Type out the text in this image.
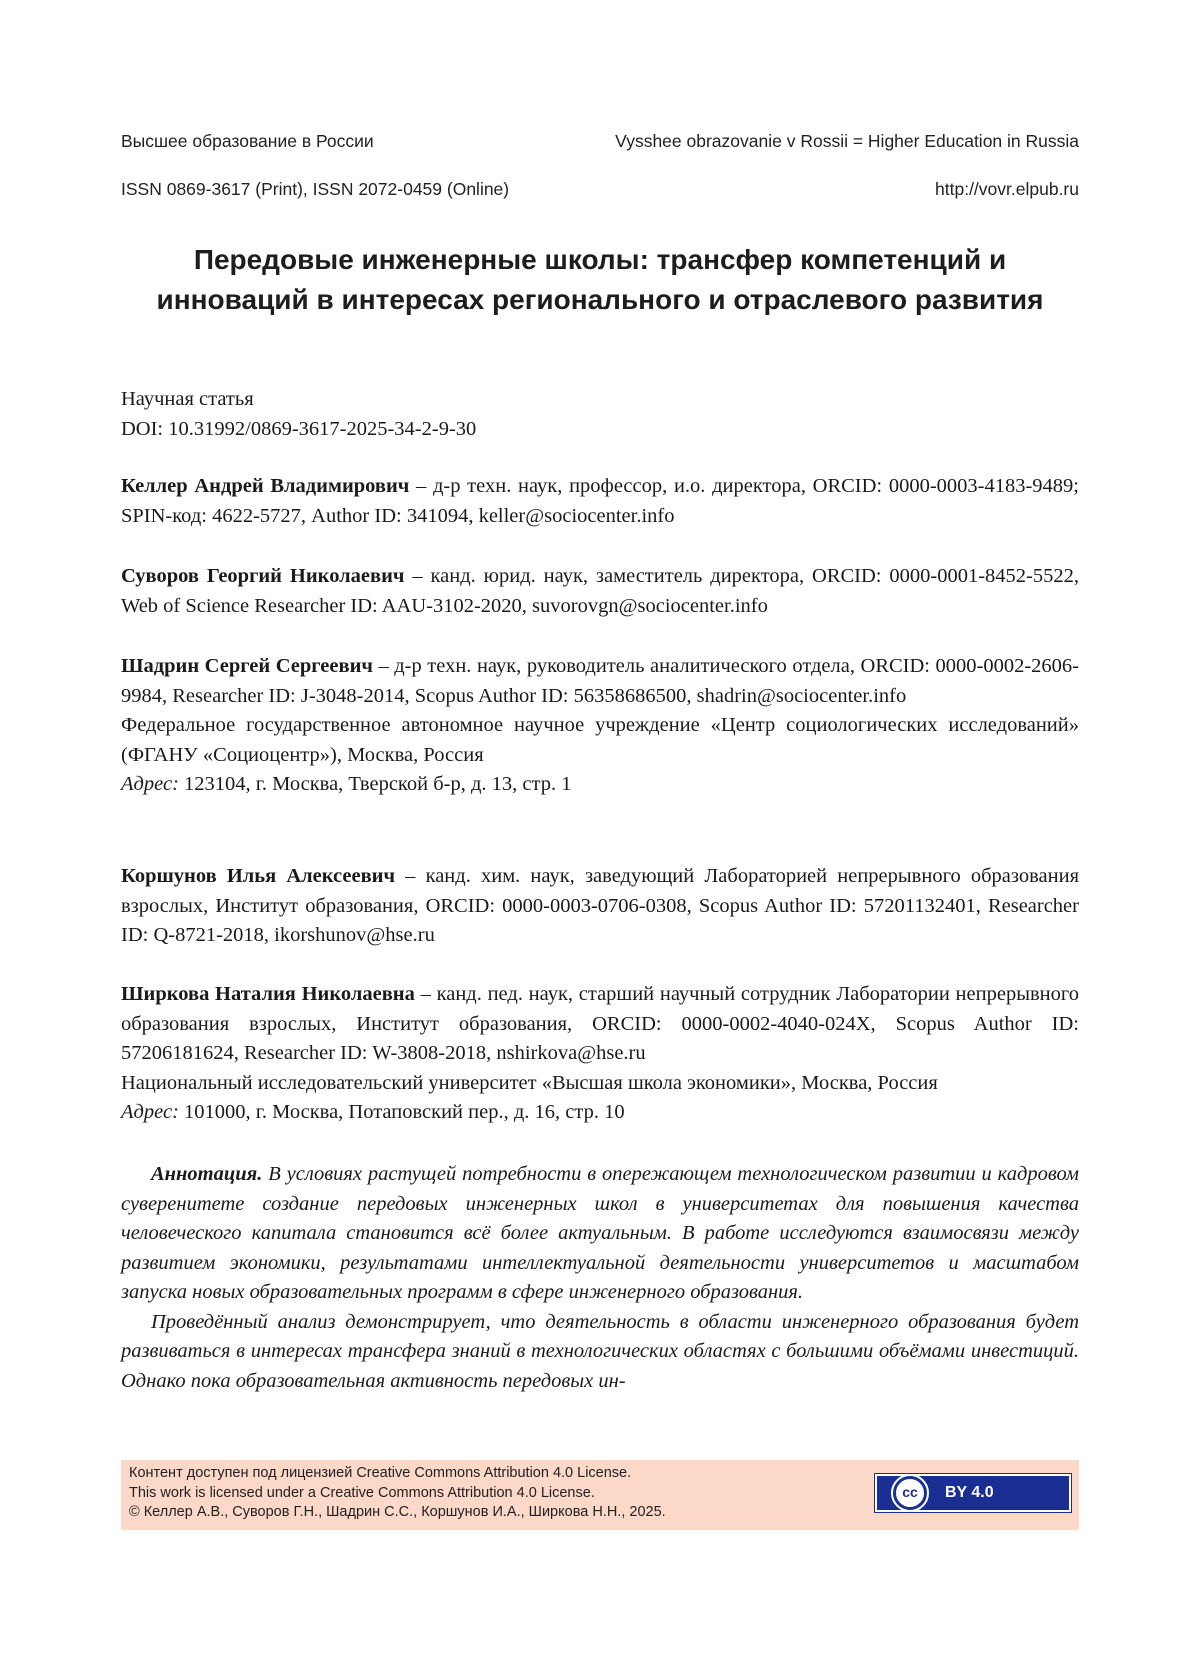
Высшее образование в России	Vysshee obrazovanie v Rossii = Higher Education in Russia
ISSN 0869-3617 (Print), ISSN 2072-0459 (Online)	http://vovr.elpub.ru
Передовые инженерные школы: трансфер компетенций и инноваций в интересах регионального и отраслевого развития

Научная статья

DOI: 10.31992/0869-3617-2025-34-2-9-30

Келлер Андрей Владимирович – д-р техн. наук, профессор, и.о. директора, ORCID: 0000-0003-4183-9489; SPIN-код: 4622-5727, Author ID: 341094, keller@sociocenter.info

Суворов Георгий Николаевич – канд. юрид. наук, заместитель директора, ORCID: 0000-0001-8452-5522, Web of Science Researcher ID: AAU-3102-2020, suvorovgn@sociocenter.info

Шадрин Сергей Сергеевич – д-р техн. наук, руководитель аналитического отдела, ORCID: 0000-0002-2606-9984, Researcher ID: J-3048-2014, Scopus Author ID: 56358686500, shadrin@sociocenter.info

Федеральное государственное автономное научное учреждение «Центр социологических исследований» (ФГАНУ «Социоцентр»), Москва, Россия

Адрес: 123104, г. Москва, Тверской б-р, д. 13, стр. 1

Коршунов Илья Алексеевич – канд. хим. наук, заведующий Лабораторией непрерывного образования взрослых, Институт образования, ORCID: 0000-0003-0706-0308, Scopus Author ID: 57201132401, Researcher ID: Q-8721-2018, ikorshunov@hse.ru

Ширкова Наталия Николаевна – канд. пед. наук, старший научный сотрудник Лаборатории непрерывного образования взрослых, Институт образования, ORCID: 0000-0002-4040-024X, Scopus Author ID: 57206181624, Researcher ID: W-3808-2018, nshirkova@hse.ru

Национальный исследовательский университет «Высшая школа экономики», Москва, Россия

Адрес: 101000, г. Москва, Потаповский пер., д. 16, стр. 10

Аннотация. В условиях растущей потребности в опережающем технологическом развитии и кадровом суверенитете создание передовых инженерных школ в университетах для повышения качества человеческого капитала становится всё более актуальным. В работе исследуются взаимосвязи между развитием экономики, результатами интеллектуальной деятельности университетов и масштабом запуска новых образовательных программ в сфере инженерного образования.

Проведённый анализ демонстрирует, что деятельность в области инженерного образования будет развиваться в интересах трансфера знаний в технологических областях с большими объёмами инвестиций. Однако пока образовательная активность передовых ин-

Контент доступен под лицензией Creative Commons Attribution 4.0 License.
This work is licensed under a Creative Commons Attribution 4.0 License.
© Келлер А.В., Суворов Г.Н., Шадрин С.С., Коршунов И.А., Ширкова Н.Н., 2025.
cc	BY 4.0
